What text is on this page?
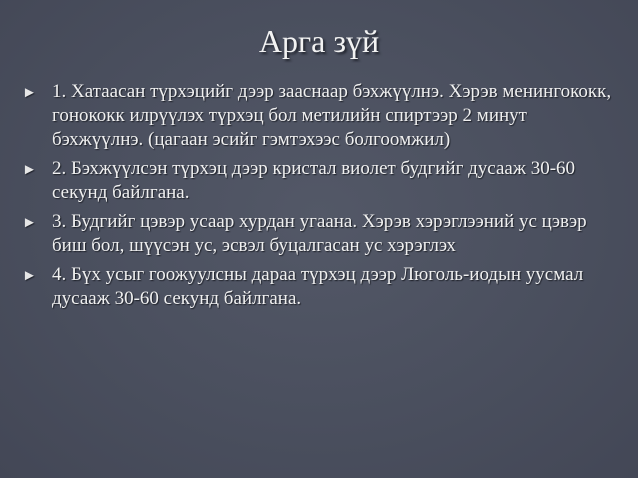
Арга зүй
► 1. Хатаасан түрхэцийг дээр зааснаар бэхжүүлнэ. Хэрэв менингококк, гонококк илрүүлэх түрхэц бол метилийн спиртээр 2 минут бэхжүүлнэ. (цагаан эсийг гэмтэхээс болгоомжил)
► 2. Бэхжүүлсэн түрхэц дээр кристал виолет будгийг дусааж 30-60 секунд байлгана.
► 3. Будгийг цэвэр усаар хурдан угаана. Хэрэв хэрэглээний ус цэвэр биш бол, шүүсэн ус, эсвэл буцалгасан ус хэрэглэх
► 4. Бүх усыг гоожуулсны дараа түрхэц дээр Люголь-иодын уусмал дусааж 30-60 секунд байлгана.
